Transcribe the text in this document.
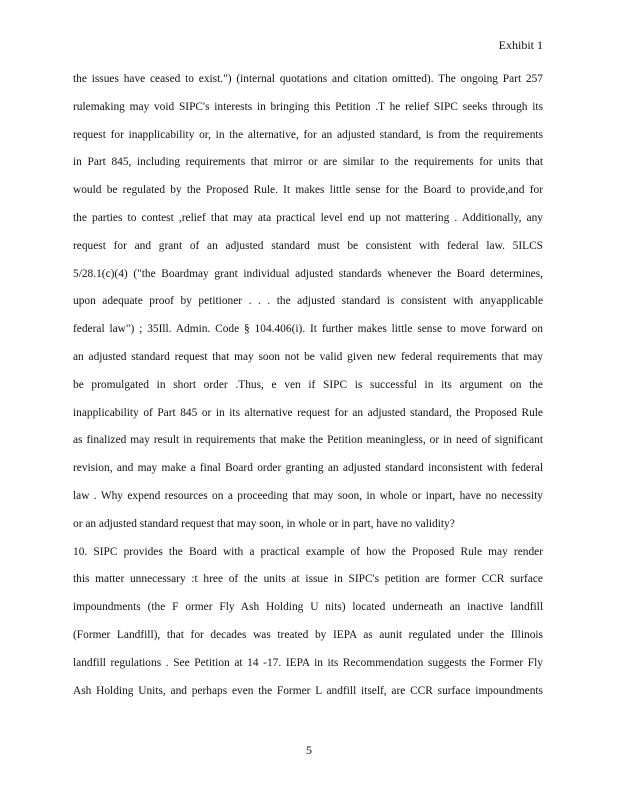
Exhibit 1
the issues have ceased to exist.") (internal quotations and citation omitted). The ongoing Part 257
rulemaking may void SIPC's interests in bringing this Petition .T he relief SIPC seeks through its
request for inapplicability or, in the alternative, for an adjusted standard, is from the requirements
in Part 845, including requirements that mirror or are similar to the requirements for units that
would be regulated by the Proposed Rule. It makes little sense for the Board to provide,and for
the parties to contest ,relief that may ata practical level end up not mattering . Additionally, any
request for and grant of an adjusted standard must be consistent with federal law. 5ILCS
5/28.1(c)(4) ("the Boardmay grant individual adjusted standards whenever the Board determines,
upon adequate proof by petitioner . . . the adjusted standard is consistent with anyapplicable
federal law") ; 35Ill. Admin. Code § 104.406(i). It further makes little sense to move forward on
an adjusted standard request that may soon not be valid given new federal requirements that may
be promulgated in short order .Thus, e ven if SIPC is successful in its argument on the
inapplicability of Part 845 or in its alternative request for an adjusted standard, the Proposed Rule
as finalized may result in requirements that make the Petition meaningless, or in need of significant
revision, and may make a final Board order granting an adjusted standard inconsistent with federal
law . Why expend resources on a proceeding that may soon, in whole or inpart, have no necessity
or an adjusted standard request that may soon, in whole or in part, have no validity?
10. SIPC provides the Board with a practical example of how the Proposed Rule may render
this matter unnecessary :t hree of the units at issue in SIPC's petition are former CCR surface
impoundments (the F ormer Fly Ash Holding U nits) located underneath an inactive landfill
(Former Landfill), that for decades was treated by IEPA as aunit regulated under the Illinois
landfill regulations . See Petition at 14 -17. IEPA in its Recommendation suggests the Former Fly
Ash Holding Units, and perhaps even the Former L andfill itself, are CCR surface impoundments
5
